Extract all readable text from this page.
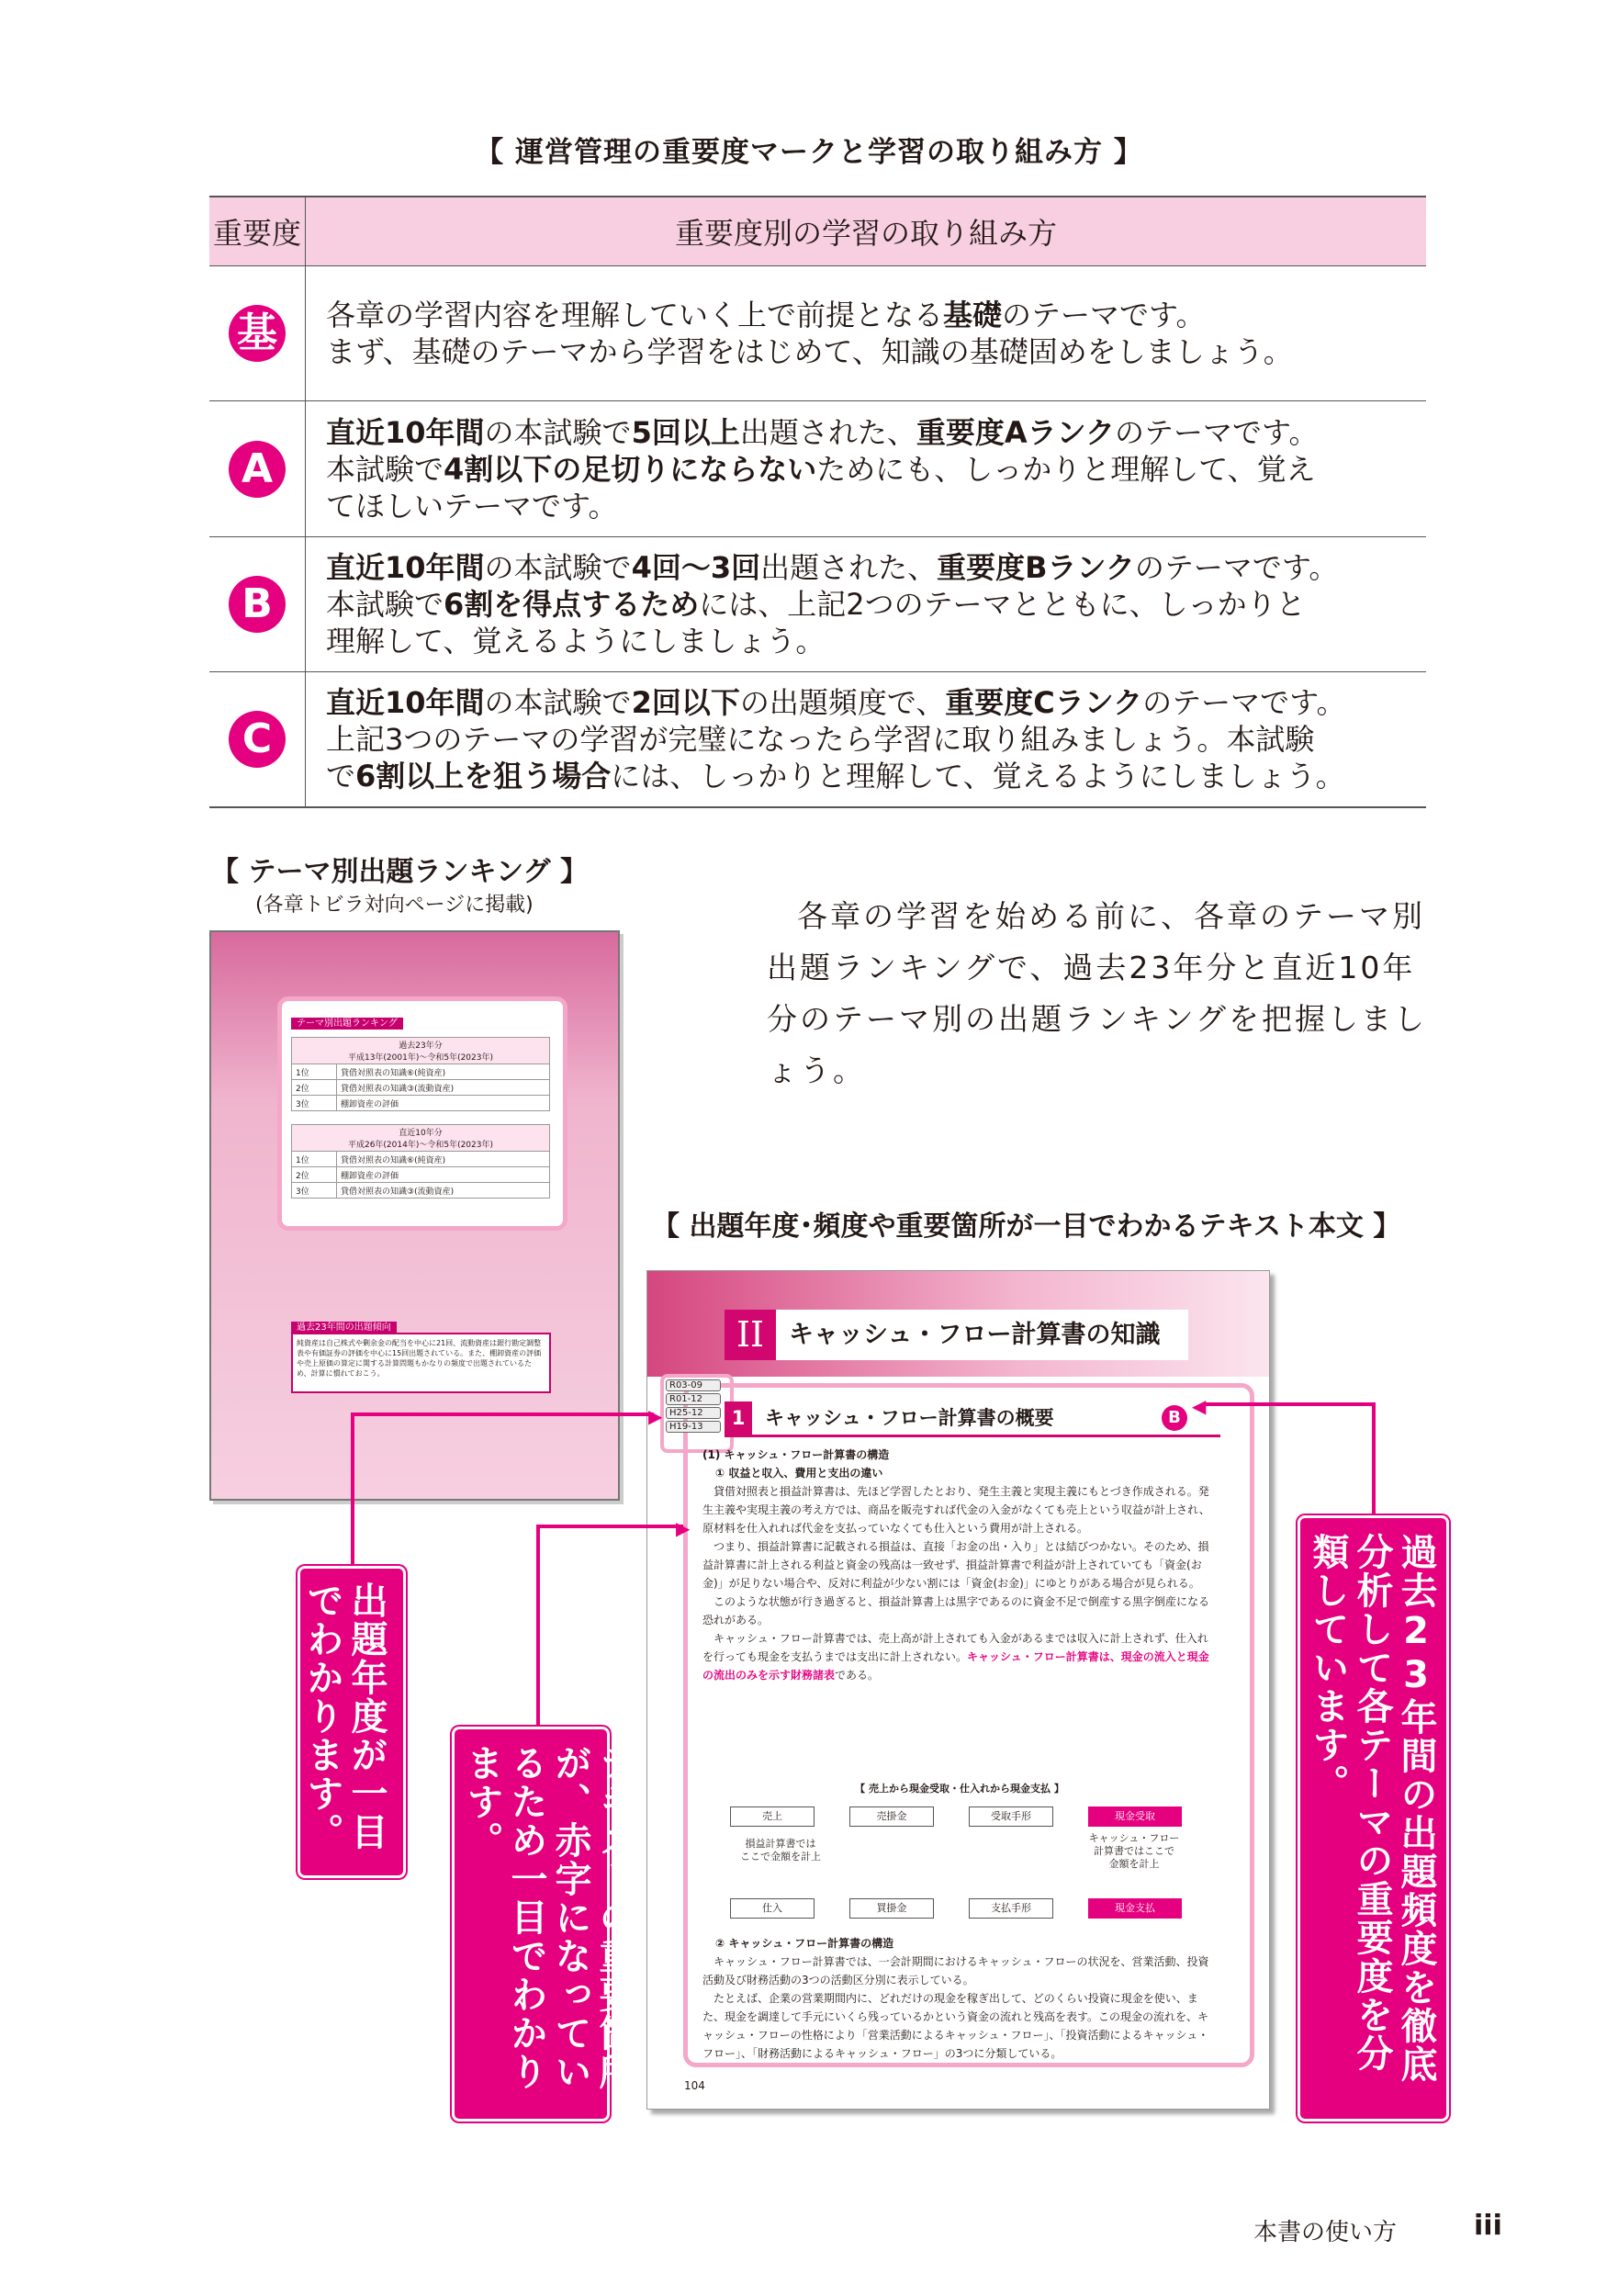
【 運営管理の重要度マークと学習の取り組み方 】
重要度	重要度別の学習の取り組み方
基	各章の学習内容を理解していく上で前提となる基礎のテーマです。
まず、基礎のテーマから学習をはじめて、知識の基礎固めをしましょう。

A	直近10年間の本試験で5回以上出題された、重要度Aランクのテーマです。
本試験で4割以下の足切りにならないためにも、しっかりと理解して、覚え
てほしいテーマです。

B	直近10年間の本試験で4回〜3回出題された、重要度Bランクのテーマです。
本試験で6割を得点するためには、上記2つのテーマとともに、しっかりと
理解して、覚えるようにしましょう。

C	直近10年間の本試験で2回以下の出題頻度で、重要度Cランクのテーマです。
上記3つのテーマの学習が完璧になったら学習に取り組みましょう。本試験
で6割以上を狙う場合には、しっかりと理解して、覚えるようにしましょう。
【 テーマ別出題ランキング 】
(各章トビラ対向ページに掲載)	各章の学習を始める前に、各章のテーマ別出題ランキングで、過去23年分と直近10年分のテーマ別の出題ランキングを把握しましょう。
テーマ別出題ランキング
過去23年分
平成13年(2001年)〜令和5年(2023年)	

1位	貸借対照表の知識⑥(純資産)
2位	貸借対照表の知識③(流動資産)
3位	棚卸資産の評価
直近10年分
平成26年(2014年)〜令和5年(2023年)	

1位	貸借対照表の知識⑥(純資産)
2位	棚卸資産の評価
3位	貸借対照表の知識③(流動資産)
過去23年間の出題傾向
純資産は自己株式や剰余金の配当を中心に21回、流動資産は銀行勘定調整表や有価証券の評価を中心に15回出題されている。また、棚卸資産の評価や売上原価の算定に関する計算問題もかなりの頻度で出題されているため、計算に慣れておこう。
【 出題年度･頻度や重要箇所が一目でわかるテキスト本文 】
キャッシュ・フロー計算書の知識
II
R03-09
R01-12
H25-12
H19-13	1 キャッシュ・フロー計算書の概要	B

(1) キャッシュ・フロー計算書の構造

① 収益と収入、費用と支出の違い

貸借対照表と損益計算書は、先ほど学習したとおり、発生主義と実現主義にもとづき作成される。発生主義や実現主義の考え方では、商品を販売すれば代金の入金がなくても売上という収益が計上され、原材料を仕入れれば代金を支払っていなくても仕入という費用が計上される。

つまり、損益計算書に記載される損益は、直接「お金の出・入り」とは結びつかない。そのため、損益計算書に計上される利益と資金の残高は一致せず、損益計算書で利益が計上されていても「資金(お金)」が足りない場合や、反対に利益が少ない割には「資金(お金)」にゆとりがある場合が見られる。

このような状態が行き過ぎると、損益計算書上は黒字であるのに資金不足で倒産する黒字倒産になる恐れがある。

キャッシュ・フロー計算書では、売上高が計上されても入金があるまでは収入に計上されず、仕入れを行っても現金を支払うまでは支出に計上されない。キャッシュ・フロー計算書は、現金の流入と現金の流出のみを示す財務諸表である。

【 売上から現金受取・仕入れから現金支払 】
売上	売掛金	受取手形	現金受取
損益計算書では
ここで金額を計上
キャッシュ・フロー
計算書ではここで
金額を計上
仕入	買掛金	支払手形	現金支払

② キャッシュ・フロー計算書の構造

キャッシュ・フロー計算書では、一会計期間におけるキャッシュ・フローの状況を、営業活動、投資活動及び財務活動の3つの活動区分別に表示している。

たとえば、企業の営業期間内に、どれだけの現金を稼ぎ出して、どのくらい投資に現金を使い、また、現金を調達して手元にいくら残っているかという資金の流れと残高を表す。この現金の流れを、キャッシュ・フローの性格により「営業活動によるキャッシュ・フロー」、「投資活動によるキャッシュ・フロー」、「財務活動によるキャッシュ・フロー」の3つに分類している。

104
▶
▶
◀
出題年度が一目でわかります。
テキストの重要箇所が、赤字になっているため一目でわかります。	過去23年間の出題頻度を徹底分析して各テーマの重要度を分類しています。
本書の使い方	iii
